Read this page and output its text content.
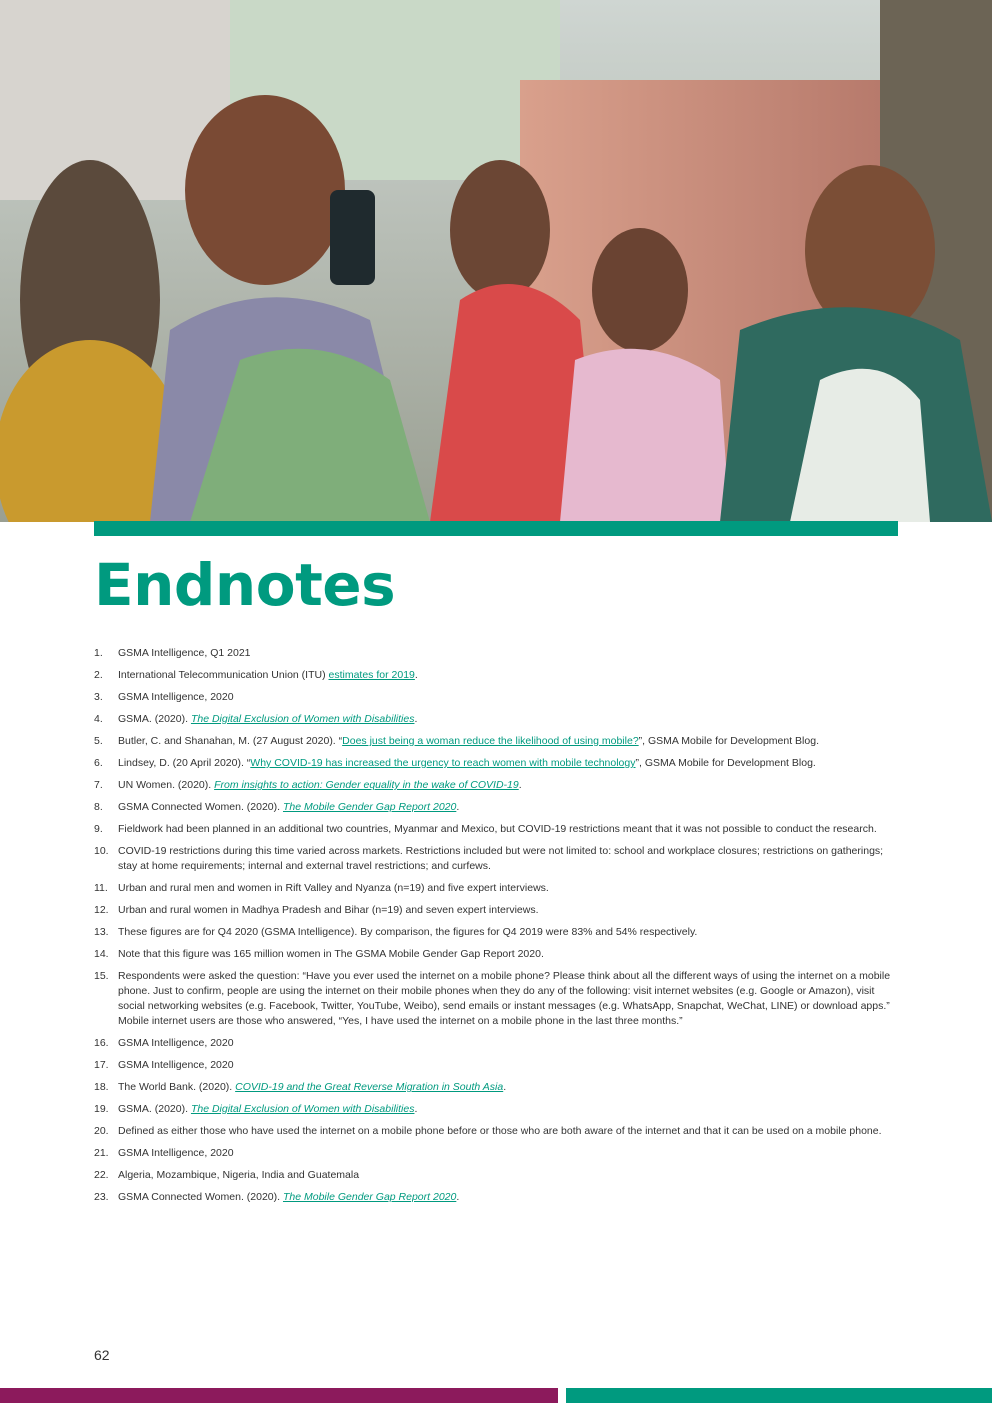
Endnotes
1.	GSMA Intelligence, Q1 2021
2.	International Telecommunication Union (ITU) estimates for 2019.
3.	GSMA Intelligence, 2020
4.	GSMA. (2020). The Digital Exclusion of Women with Disabilities.
5.	Butler, C. and Shanahan, M. (27 August 2020). “Does just being a woman reduce the likelihood of using mobile?”, GSMA Mobile for Development Blog.
6.	Lindsey, D. (20 April 2020). “Why COVID-19 has increased the urgency to reach women with mobile technology”, GSMA Mobile for Development Blog.
7.	UN Women. (2020). From insights to action: Gender equality in the wake of COVID-19.
8.	GSMA Connected Women. (2020). The Mobile Gender Gap Report 2020.
9.	Fieldwork had been planned in an additional two countries, Myanmar and Mexico, but COVID-19 restrictions meant that it was not possible to conduct the research.
10. COVID-19 restrictions during this time varied across markets. Restrictions included but were not limited to: school and workplace closures; restrictions on gatherings; stay at home requirements; internal and external travel restrictions; and curfews.
11. Urban and rural men and women in Rift Valley and Nyanza (n=19) and five expert interviews.
12. Urban and rural women in Madhya Pradesh and Bihar (n=19) and seven expert interviews.
13. These figures are for Q4 2020 (GSMA Intelligence). By comparison, the figures for Q4 2019 were 83% and 54% respectively.
14. Note that this figure was 165 million women in The GSMA Mobile Gender Gap Report 2020.
15. Respondents were asked the question: “Have you ever used the internet on a mobile phone? Please think about all the different ways of using the internet on a mobile phone. Just to confirm, people are using the internet on their mobile phones when they do any of the following: visit internet websites (e.g. Google or Amazon), visit social networking websites (e.g. Facebook, Twitter, YouTube, Weibo), send emails or instant messages (e.g. WhatsApp, Snapchat, WeChat, LINE) or download apps.” Mobile internet users are those who answered, “Yes, I have used the internet on a mobile phone in the last three months.”
16. GSMA Intelligence, 2020
17. GSMA Intelligence, 2020
18. The World Bank. (2020). COVID-19 and the Great Reverse Migration in South Asia.
19. GSMA. (2020). The Digital Exclusion of Women with Disabilities.
20. Defined as either those who have used the internet on a mobile phone before or those who are both aware of the internet and that it can be used on a mobile phone.
21. GSMA Intelligence, 2020
22. Algeria, Mozambique, Nigeria, India and Guatemala
23. GSMA Connected Women. (2020). The Mobile Gender Gap Report 2020.
62
